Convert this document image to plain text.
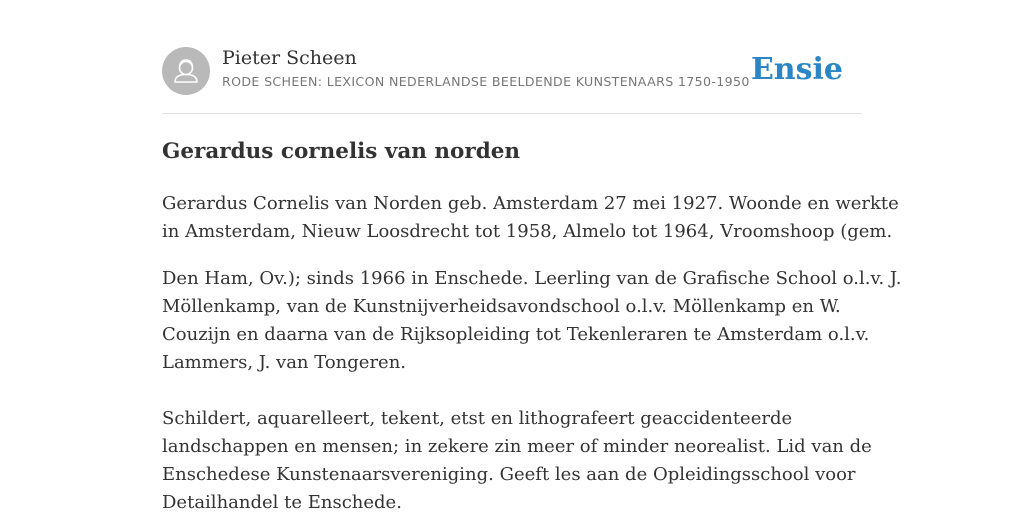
Pieter Scheen
RODE SCHEEN: LEXICON NEDERLANDSE BEELDENDE KUNSTENAARS 1750-1950 Ensie
Gerardus cornelis van norden

Gerardus Cornelis van Norden geb. Amsterdam 27 mei 1927. Woonde en werkte
in Amsterdam, Nieuw Loosdrecht tot 1958, Almelo tot 1964, Vroomshoop (gem.

Den Ham, Ov.); sinds 1966 in Enschede. Leerling van de Grafische School o.l.v. J.
Möllenkamp, van de Kunstnijverheidsavondschool o.l.v. Möllenkamp en W.
Couzijn en daarna van de Rijksopleiding tot Tekenleraren te Amsterdam o.l.v.
Lammers, J. van Tongeren.

Schildert, aquarelleert, tekent, etst en lithografeert geaccidenteerde
landschappen en mensen; in zekere zin meer of minder neorealist. Lid van de
Enschedese Kunstenaarsvereniging. Geeft les aan de Opleidingsschool voor
Detailhandel te Enschede.
